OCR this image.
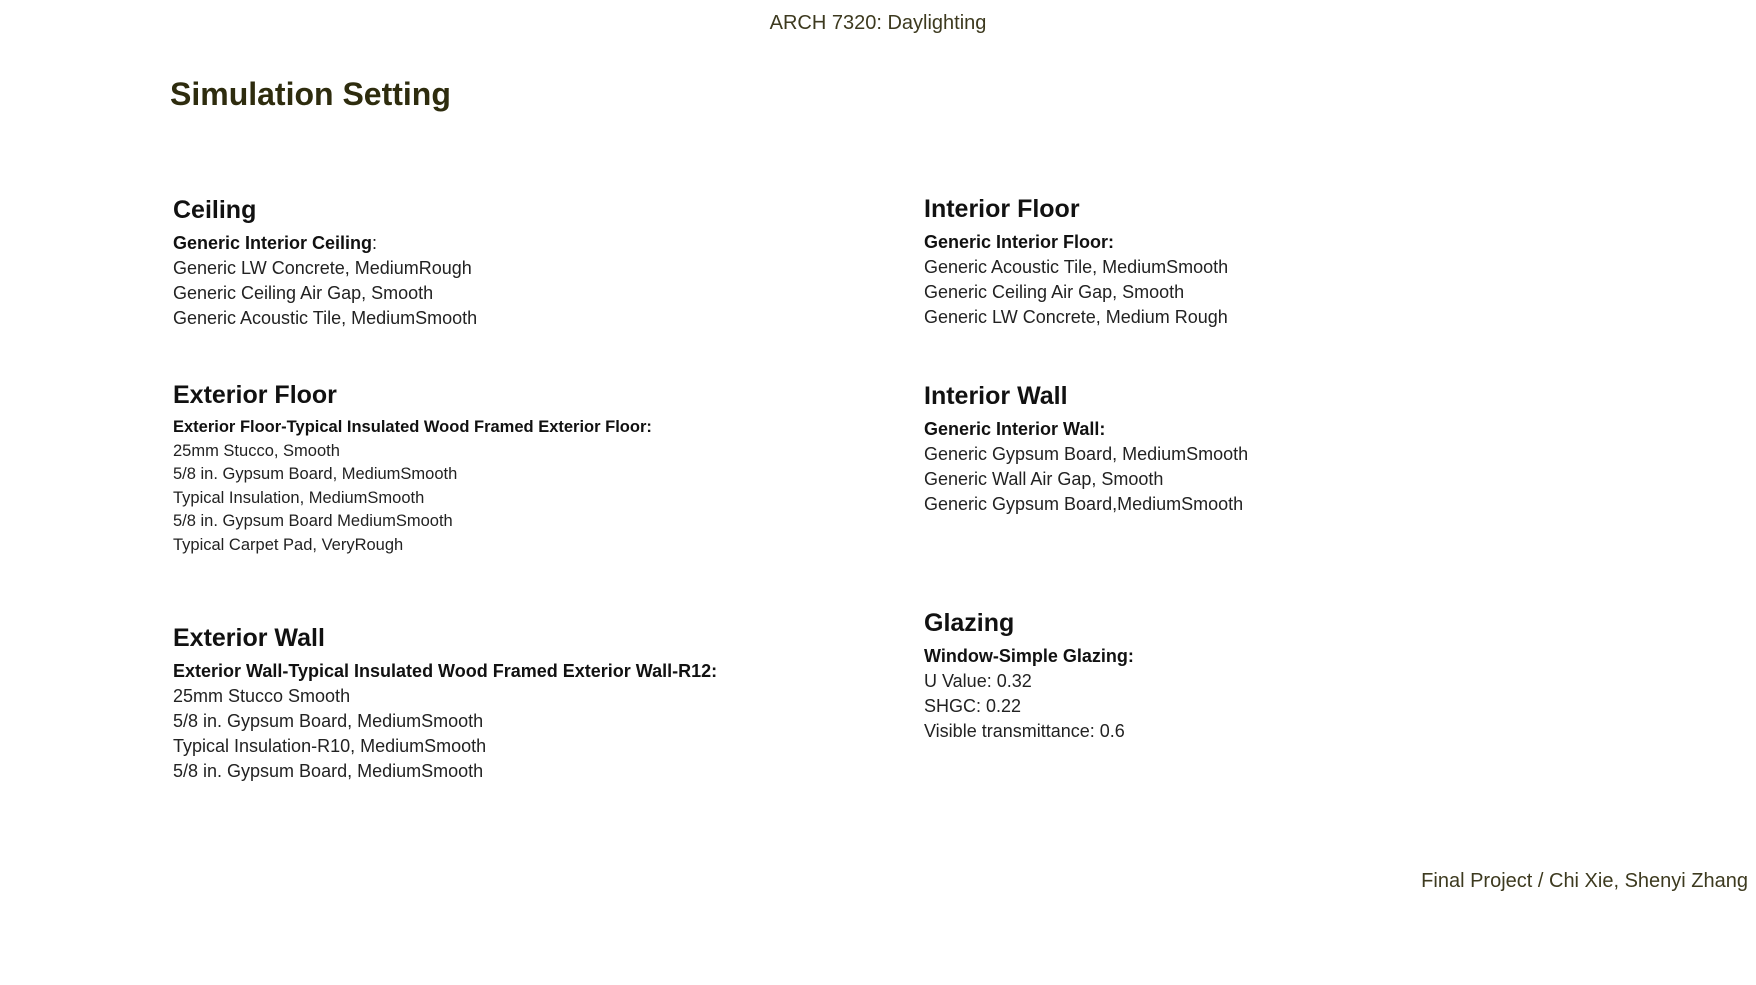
ARCH 7320: Daylighting
Simulation Setting
Ceiling
Generic Interior Ceiling:
Generic LW Concrete, MediumRough
Generic Ceiling Air Gap, Smooth
Generic Acoustic Tile, MediumSmooth
Exterior Floor
Exterior Floor-Typical Insulated Wood Framed Exterior Floor:
25mm Stucco, Smooth
5/8 in. Gypsum Board, MediumSmooth
Typical Insulation, MediumSmooth
5/8 in. Gypsum Board MediumSmooth
Typical Carpet Pad, VeryRough
Exterior Wall
Exterior Wall-Typical Insulated Wood Framed Exterior Wall-R12:
25mm Stucco Smooth
5/8 in. Gypsum Board, MediumSmooth
Typical Insulation-R10, MediumSmooth
5/8 in. Gypsum Board, MediumSmooth
Interior Floor
Generic Interior Floor:
Generic Acoustic Tile, MediumSmooth
Generic Ceiling Air Gap, Smooth
Generic LW Concrete, Medium Rough
Interior Wall
Generic Interior Wall:
Generic Gypsum Board, MediumSmooth
Generic Wall Air Gap, Smooth
Generic Gypsum Board,MediumSmooth
Glazing
Window-Simple Glazing:
U Value: 0.32
SHGC: 0.22
Visible transmittance: 0.6
Final Project / Chi Xie, Shenyi Zhang
